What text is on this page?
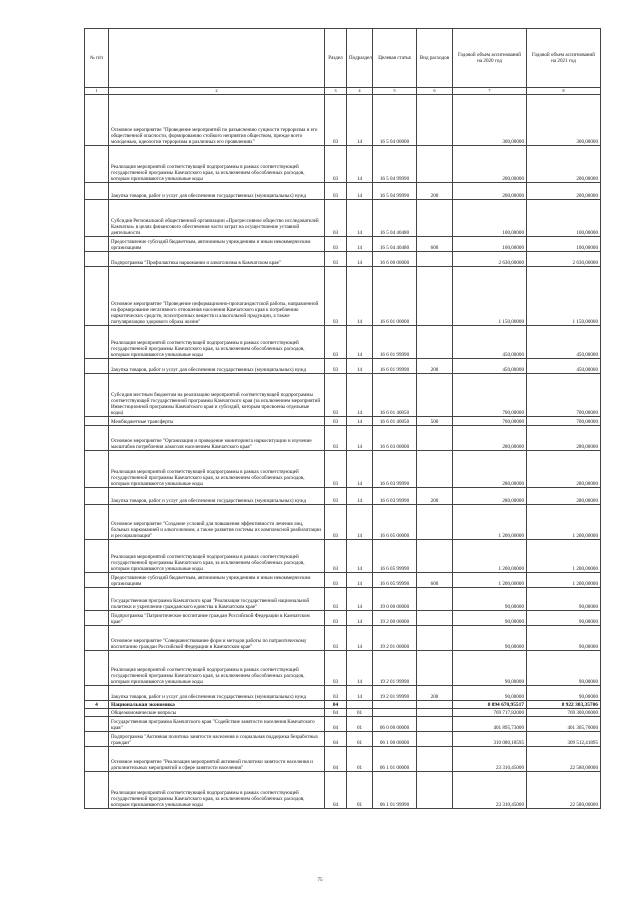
№ п/п		Раздел	Подраздел	Целевая статья	Вид расходов	Годовой объем ассигнований на 2020 год	Годовой объем ассигнований на 2021 год
1	2	3	4	5	6	7	8

	Основное мероприятие "Проведение мероприятий по разъяснению сущности терроризма и его общественной опасности, формированию стойкого неприятия обществом, прежде всего молодежью, идеологии терроризма в различных его проявлениях"	03	14	16 5 04 00000		300,00000	300,00000

	Реализация мероприятий соответствующей подпрограммы в рамках соответствующей государственной программы Камчатского края, за исключением обособленных расходов, которым присваиваются уникальные коды	03	14	16 5 04 99990		200,00000	200,00000

	Закупка товаров, работ и услуг для обеспечения государственных (муниципальных) нужд	03	14	16 5 04 99990	200	200,00000	200,00000

	Субсидия Региональной общественной организации «Прогрессивное общество исследователей Камчатки» в целях финансового обеспечения части затрат на осуществление уставной деятельности	03	14	16 5 04 40480		100,00000	100,00000

	Предоставление субсидий бюджетным, автономным учреждениям и иным некоммерческим организациям	03	14	16 5 04 40480	600	100,00000	100,00000

	Подпрограмма "Профилактика наркомании и алкоголизма в Камчатском крае"	03	14	16 6 00 00000		2 630,00000	2 630,00000

	Основное мероприятие "Проведение информационно-пропагандистской работы, направленной на формирование негативного отношения населения Камчатского края к потреблению наркотических средств, психотропных веществ и алкогольной продукции, а также популяризацию здорового образа жизни"	03	14	16 6 01 00000		1 150,00000	1 150,00000

	Реализация мероприятий соответствующей подпрограммы в рамках соответствующей государственной программы Камчатского края, за исключением обособленных расходов, которым присваиваются уникальные коды	03	14	16 6 01 99990		450,00000	450,00000

	Закупка товаров, работ и услуг для обеспечения государственных (муниципальных) нужд	03	14	16 6 01 99990	200	450,00000	450,00000

	Субсидия местным бюджетам на реализацию мероприятий соответствующей подпрограммы соответствующей государственной программы Камчатского края (за исключением мероприятий Инвестиционной программы Камчатского края и субсидий, которым присвоены отдельные коды)	03	14	16 6 01 40050		700,00000	700,00000

	Межбюджетные трансферты	03	14	16 6 01 40050	500	700,00000	700,00000

	Основное мероприятие "Организация и проведение мониторинга наркоситуации и изучение масштабов потребления алкоголя населением Камчатского края"	03	14	16 6 03 00000		280,00000	280,00000

	Реализация мероприятий соответствующей подпрограммы в рамках соответствующей государственной программы Камчатского края, за исключением обособленных расходов, которым присваиваются уникальные коды	03	14	16 6 03 99990		280,00000	280,00000

	Закупка товаров, работ и услуг для обеспечения государственных (муниципальных) нужд	03	14	16 6 03 99990	200	280,00000	280,00000

	Основное мероприятие "Создание условий для повышения эффективности лечения лиц, больных наркоманией и алкоголизмом, а также развития системы их комплексной реабилитации и ресоциализации"	03	14	16 6 05 00000		1 200,00000	1 200,00000

	Реализация мероприятий соответствующей подпрограммы в рамках соответствующей государственной программы Камчатского края, за исключением обособленных расходов, которым присваиваются уникальные коды	03	14	16 6 05 99990		1 200,00000	1 200,00000

	Предоставление субсидий бюджетным, автономным учреждениям и иным некоммерческим организациям	03	14	16 6 05 99990	600	1 200,00000	1 200,00000

	Государственная программа Камчатского края "Реализация государственной национальной политики и укрепление гражданского единства в Камчатском крае"	03	14	19 0 00 00000		90,00000	90,00000

	Подпрограмма "Патриотическое воспитание граждан Российской Федерации в Камчатском крае"	03	14	19 2 00 00000		90,00000	90,00000

	Основное мероприятие "Совершенствование форм и методов работы по патриотическому воспитанию граждан Российской Федерации в Камчатском крае"	03	14	19 2 01 00000		90,00000	90,00000

	Реализация мероприятий соответствующей подпрограммы в рамках соответствующей государственной программы Камчатского края, за исключением обособленных расходов, которым присваиваются уникальные коды	03	14	19 2 01 99990		90,00000	90,00000

	Закупка товаров, работ и услуг для обеспечения государственных (муниципальных) нужд	03	14	19 2 01 99990	200	90,00000	90,00000
4	Национальная экономика	04				8 894 670,95517	8 922 303,35706

	Общеэкономические вопросы	04	01			769 717,82000	769 300,06000

	Государственная программа Камчатского края "Содействие занятости населения Камчатского края"	04	01	06 0 00 00000		401 895,73000	401 305,70000

	Подпрограмма "Активная политика занятости населения и социальная поддержка безработных граждан"	04	01	06 1 00 00000		310 080,18595	309 512,41895

	Основное мероприятие "Реализация мероприятий активной политики занятости населения и дополнительных мероприятий в сфере занятости населения"	04	01	06 1 01 00000		23 310,45000	22 580,00000

	Реализация мероприятий соответствующей подпрограммы в рамках соответствующей государственной программы Камчатского края, за исключением обособленных расходов, которым присваиваются уникальные коды	04	01	06 1 01 99990		23 310,45000	22 580,00000
75
